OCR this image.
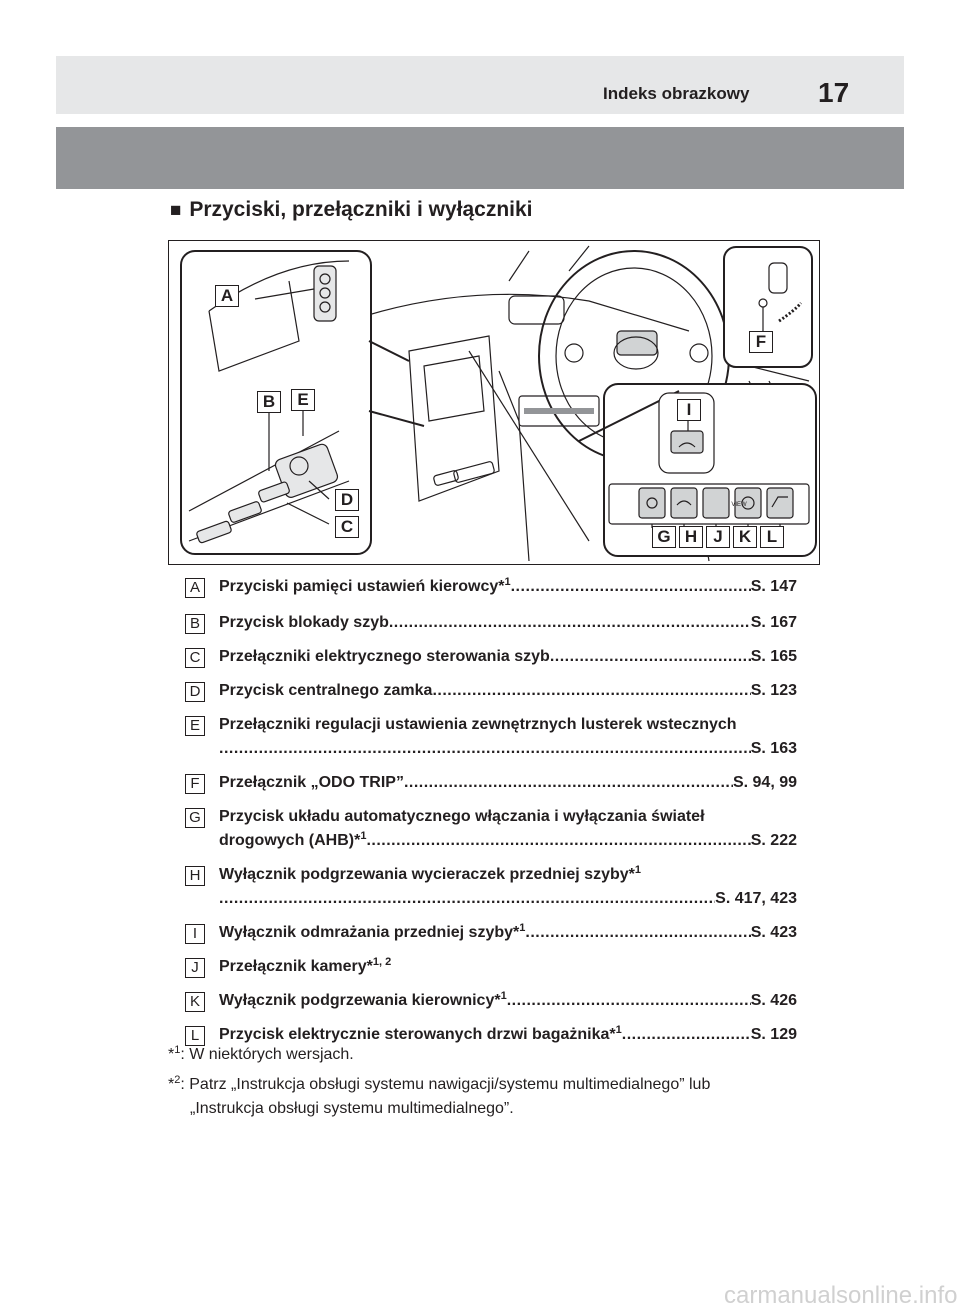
Indeks obrazkowy 17
■ Przyciski, przełączniki i wyłączniki
VIEW
A
B	E
D
C
F
I
G H J K L
A	Przyciski pamięci ustawień kierowcy*$^1$ .....	S. 147
B	Przycisk blokady szyb .....	S. 167
C Przełączniki elektrycznego sterowania szyb .....	S. 165
D Przycisk centralnego zamka .....	S. 123
E	Przełączniki regulacji ustawienia zewnętrznych lusterek wstecznych
.....
S. 163
F	Przełącznik „ODO TRIP” .....	S. 94, 99
G Przycisk układu automatycznego włączania i wyłączania świateł
drogowych (AHB)*$^1$ .....	S. 222
H Wyłącznik podgrzewania wycieraczek przedniej szyby*$^1$
.....
S. 417, 423
I	Wyłącznik odmrażania przedniej szyby*$^1$ .....	S. 423
J	Przełącznik kamery*$^{1, 2}$
K	Wyłącznik podgrzewania kierownicy*$^1$ .....	S. 426
L	Przycisk elektrycznie sterowanych drzwi bagażnika*$^1$ .....	S. 129
*$^1$: W niektórych wersjach.
*$^2$: Patrz „Instrukcja obsługi systemu nawigacji/systemu multimedialnego” lub
„Instrukcja obsługi systemu multimedialnego”.
carmanualsonline.info
